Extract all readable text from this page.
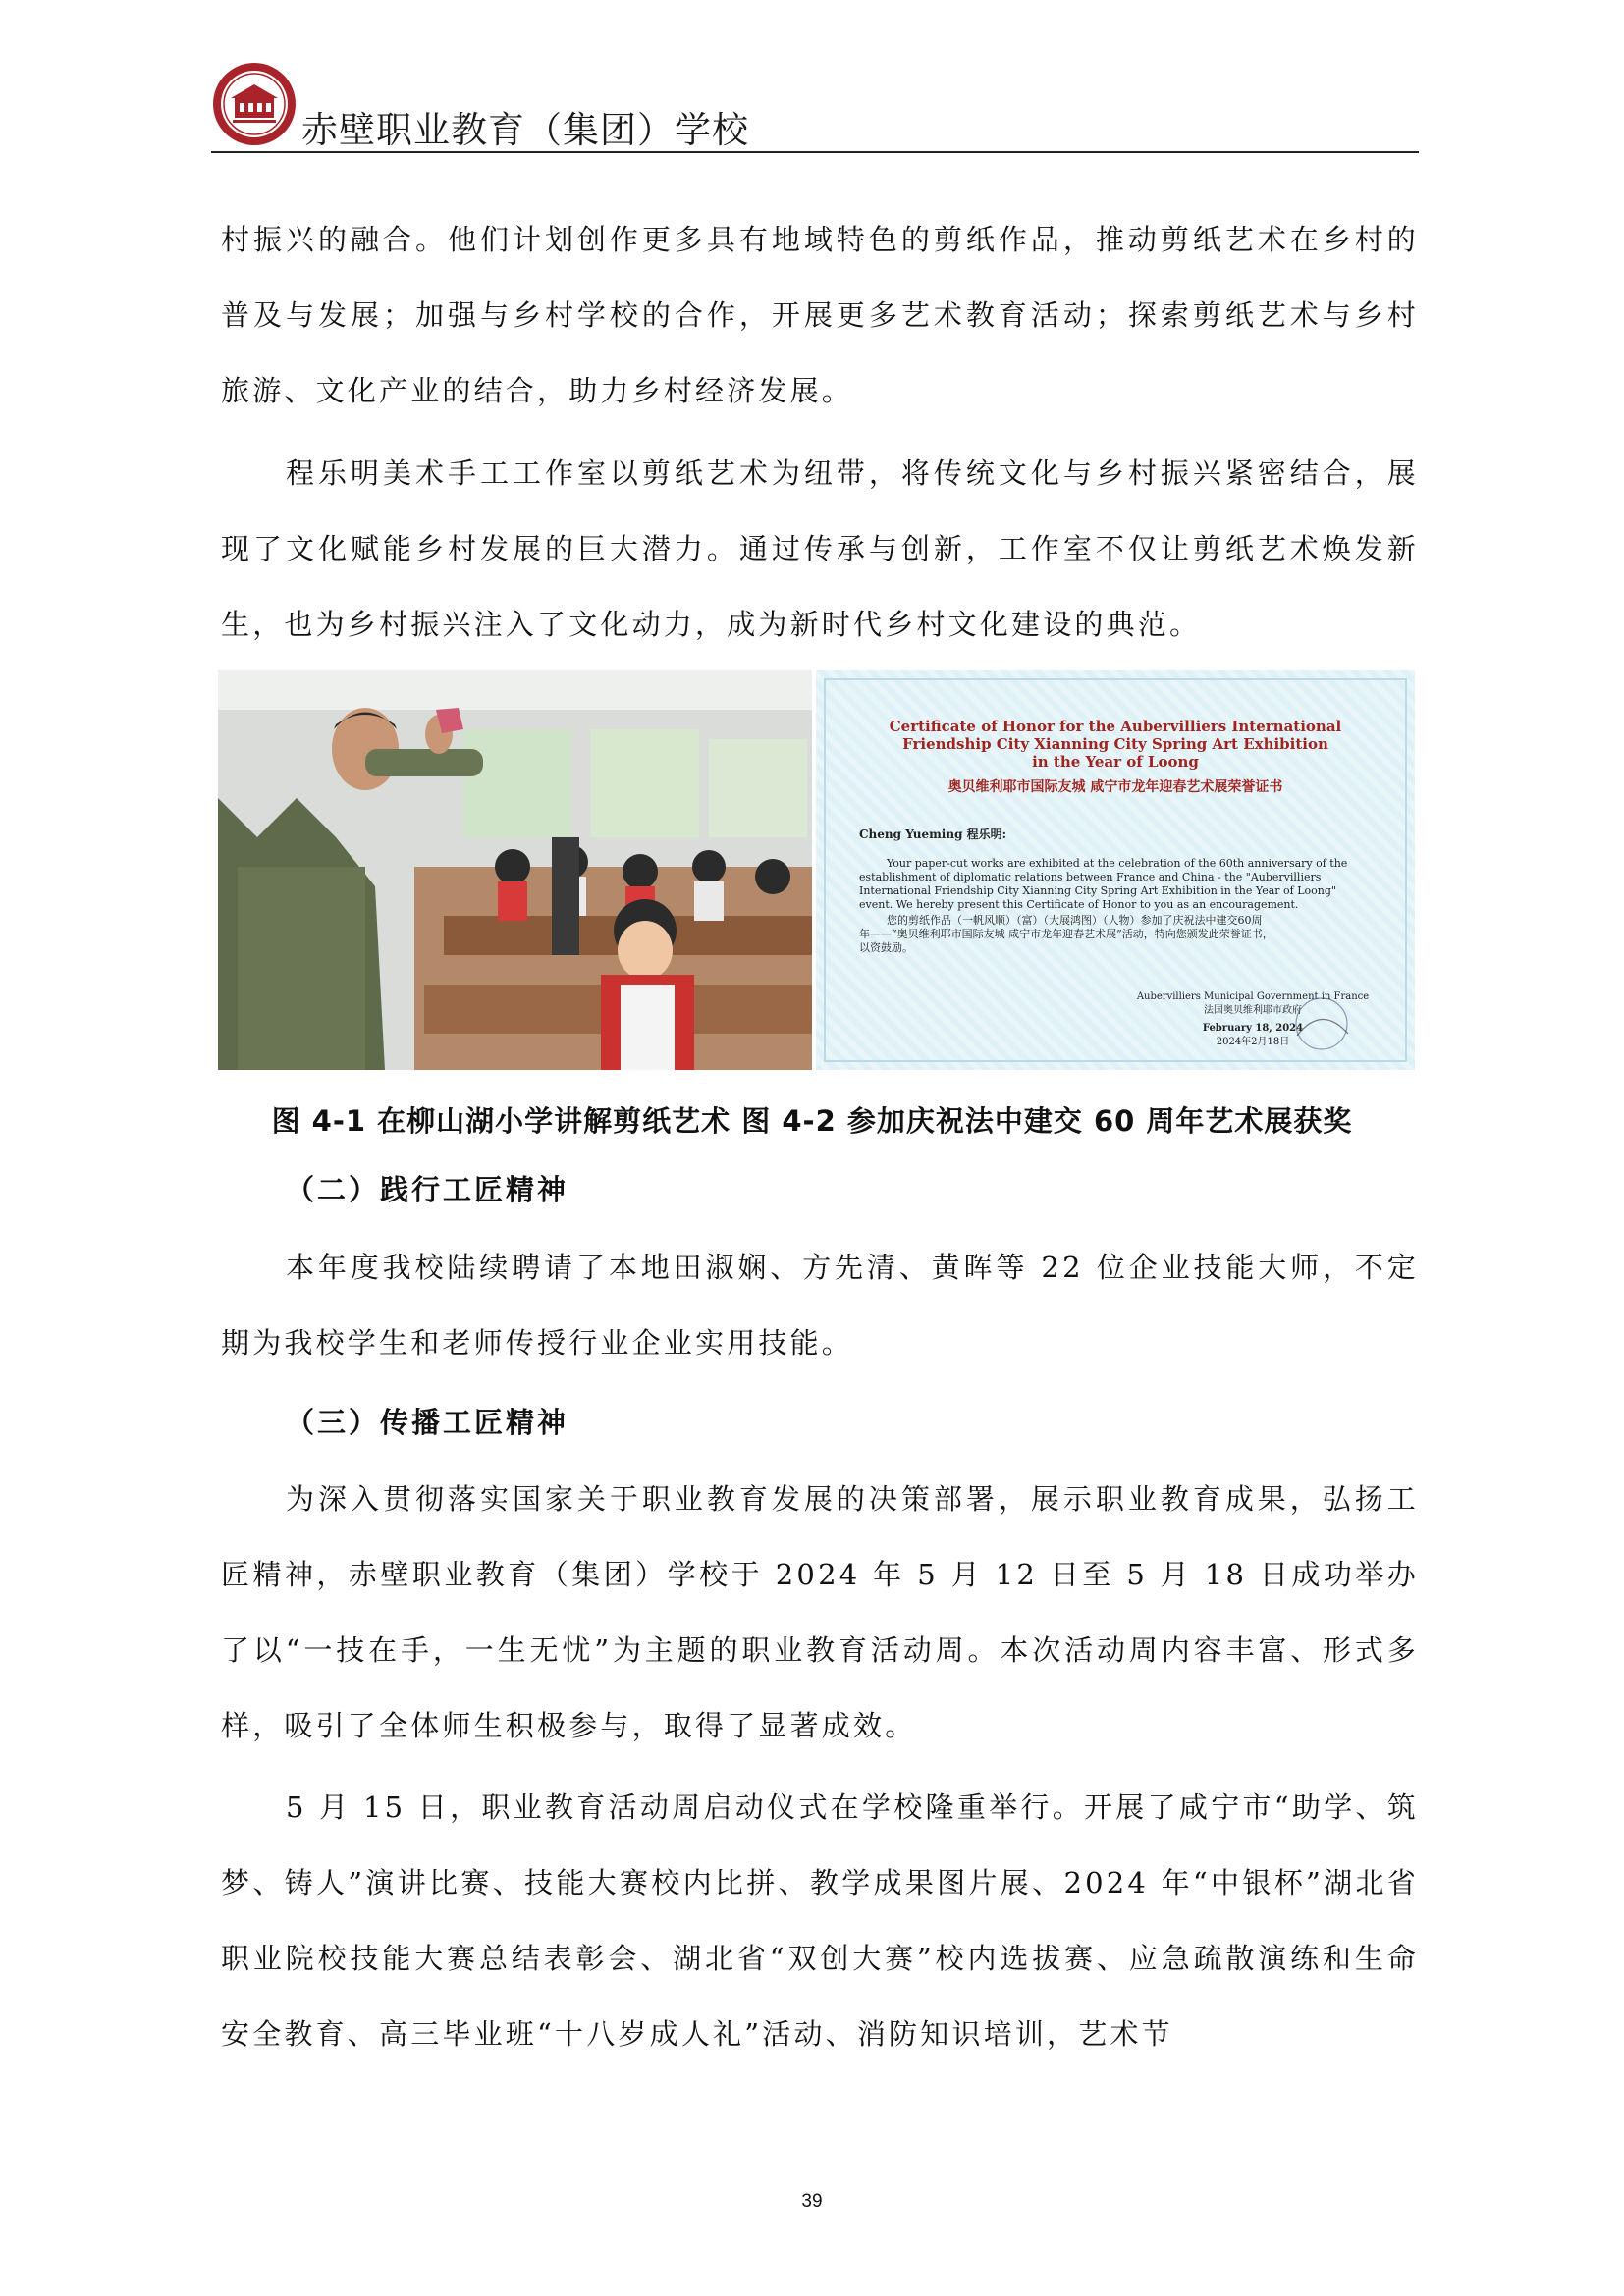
赤壁职业教育（集团）学校

村振兴的融合。他们计划创作更多具有地域特色的剪纸作品，推动剪纸艺术在乡村的普及与发展；加强与乡村学校的合作，开展更多艺术教育活动；探索剪纸艺术与乡村旅游、文化产业的结合，助力乡村经济发展。

程乐明美术手工工作室以剪纸艺术为纽带，将传统文化与乡村振兴紧密结合，展现了文化赋能乡村发展的巨大潜力。通过传承与创新，工作室不仅让剪纸艺术焕发新生，也为乡村振兴注入了文化动力，成为新时代乡村文化建设的典范。

Certificate of Honor for the Aubervilliers International
Friendship City Xianning City Spring Art Exhibition
in the Year of Loong
奥贝维利耶市国际友城 咸宁市龙年迎春艺术展荣誉证书
Cheng Yueming 程乐明:
Your paper-cut works are exhibited at the celebration of the 60th anniversary of the
establishment of diplomatic relations between France and China - the "Aubervilliers
International Friendship City Xianning City Spring Art Exhibition in the Year of Loong"
event. We hereby present this Certificate of Honor to you as an encouragement.
您的剪纸作品（一帆风顺）（富）（大展鸿图）（人物）参加了庆祝法中建交60周
年——“奥贝维利耶市国际友城 咸宁市龙年迎春艺术展”活动，特向您颁发此荣誉证书，
以资鼓励。
Aubervilliers Municipal Government in France
法国奥贝维利耶市政府
February 18, 2024
2024年2月18日
图 4-1 在柳山湖小学讲解剪纸艺术 图 4-2 参加庆祝法中建交 60 周年艺术展获奖
（二）践行工匠精神

本年度我校陆续聘请了本地田淑娴、方先清、黄晖等 22 位企业技能大师，不定期为我校学生和老师传授行业企业实用技能。

（三）传播工匠精神

为深入贯彻落实国家关于职业教育发展的决策部署，展示职业教育成果，弘扬工匠精神，赤壁职业教育（集团）学校于 2024 年 5 月 12 日至 5 月 18 日成功举办了以“一技在手，一生无忧”为主题的职业教育活动周。本次活动周内容丰富、形式多样，吸引了全体师生积极参与，取得了显著成效。

5 月 15 日，职业教育活动周启动仪式在学校隆重举行。开展了咸宁市“助学、筑梦、铸人”演讲比赛、技能大赛校内比拼、教学成果图片展、2024 年“中银杯”湖北省职业院校技能大赛总结表彰会、湖北省“双创大赛”校内选拔赛、应急疏散演练和生命安全教育、高三毕业班“十八岁成人礼”活动、消防知识培训，艺术节

39
